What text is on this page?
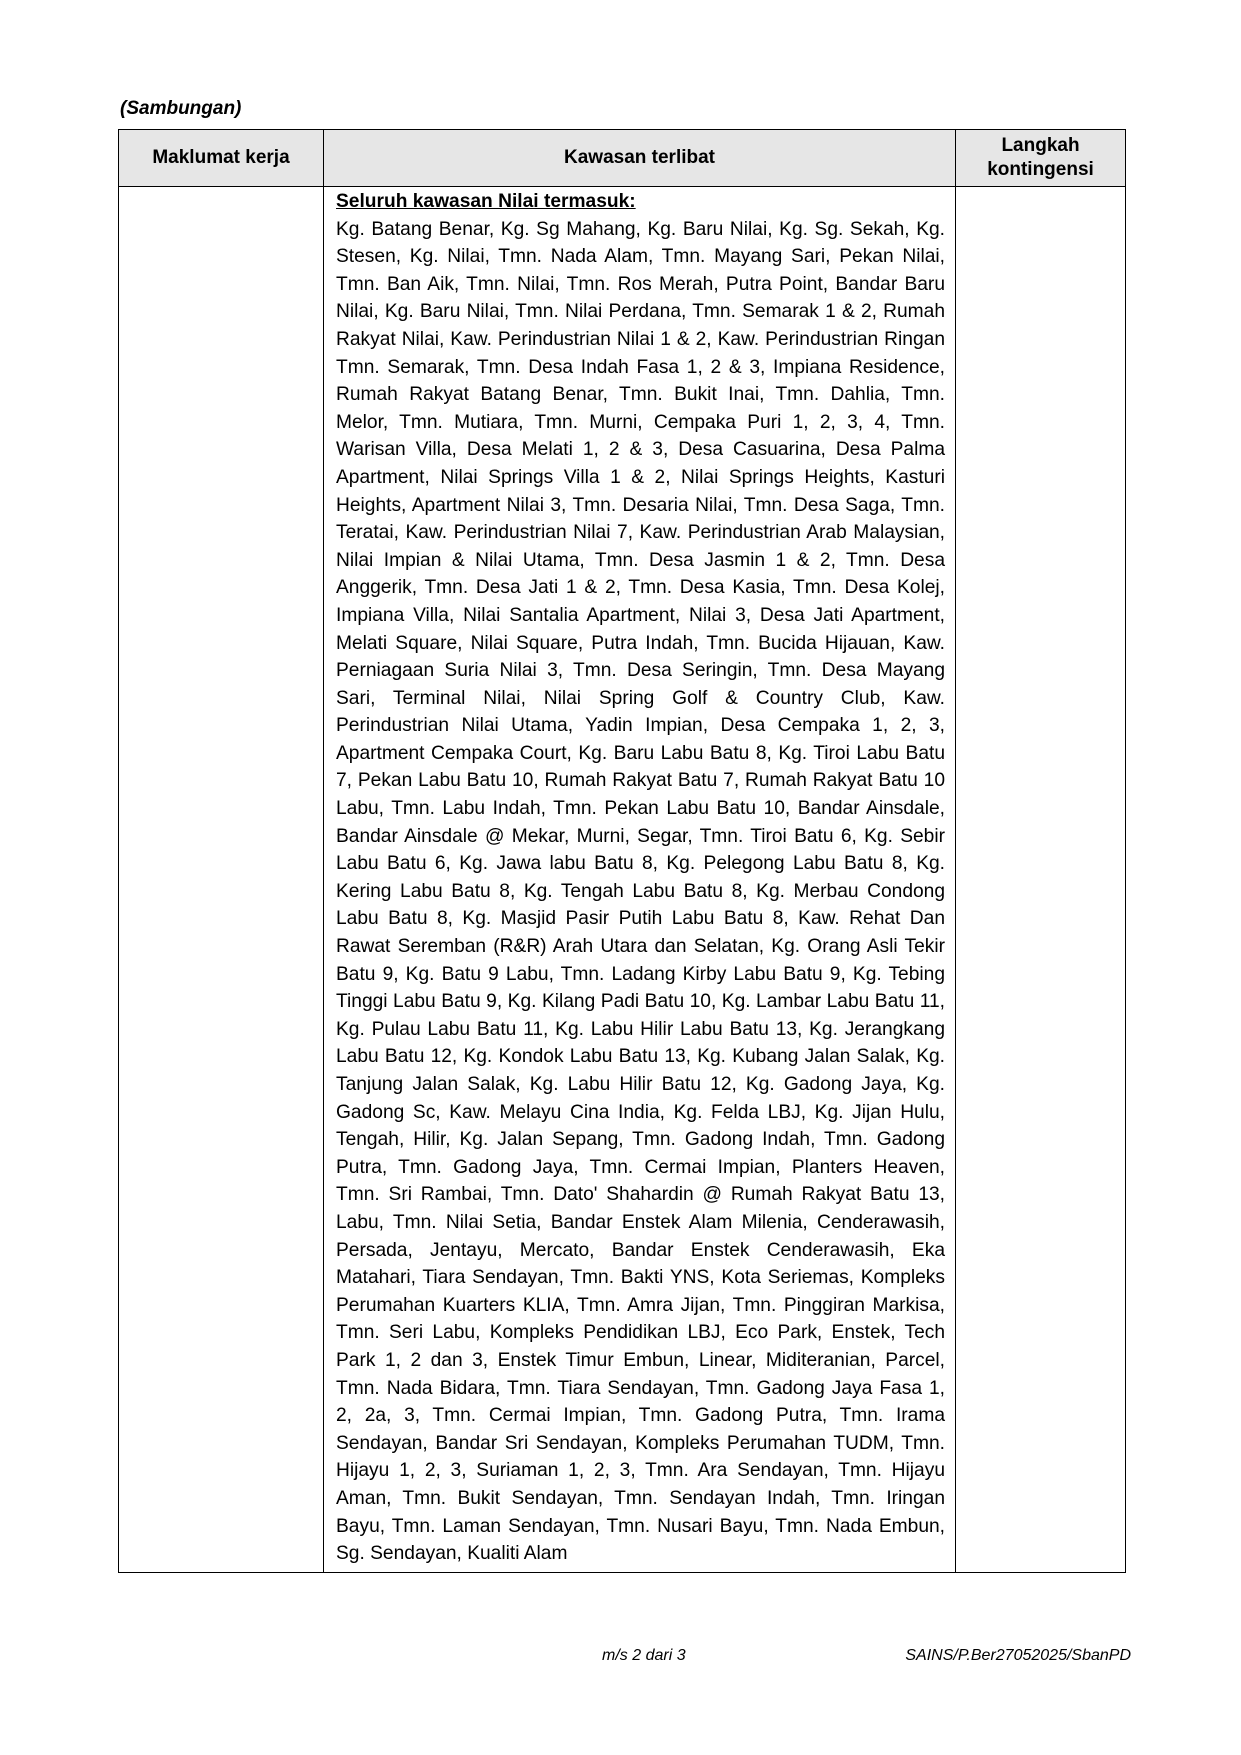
(Sambungan)
Maklumat kerja	Kawasan terlibat	Langkah kontingensi

	Seluruh kawasan Nilai termasuk:
Kg. Batang Benar, Kg. Sg Mahang, Kg. Baru Nilai, Kg. Sg. Sekah, Kg. Stesen, Kg. Nilai, Tmn. Nada Alam, Tmn. Mayang Sari, Pekan Nilai, Tmn. Ban Aik, Tmn. Nilai, Tmn. Ros Merah, Putra Point, Bandar Baru Nilai, Kg. Baru Nilai, Tmn. Nilai Perdana, Tmn. Semarak 1 & 2, Rumah Rakyat Nilai, Kaw. Perindustrian Nilai 1 & 2, Kaw. Perindustrian Ringan Tmn. Semarak, Tmn. Desa Indah Fasa 1, 2 & 3, Impiana Residence, Rumah Rakyat Batang Benar, Tmn. Bukit Inai, Tmn. Dahlia, Tmn. Melor, Tmn. Mutiara, Tmn. Murni, Cempaka Puri 1, 2, 3, 4, Tmn. Warisan Villa, Desa Melati 1, 2 & 3, Desa Casuarina, Desa Palma Apartment, Nilai Springs Villa 1 & 2, Nilai Springs Heights, Kasturi Heights, Apartment Nilai 3, Tmn. Desaria Nilai, Tmn. Desa Saga, Tmn. Teratai, Kaw. Perindustrian Nilai 7, Kaw. Perindustrian Arab Malaysian, Nilai Impian & Nilai Utama, Tmn. Desa Jasmin 1 & 2, Tmn. Desa Anggerik, Tmn. Desa Jati 1 & 2, Tmn. Desa Kasia, Tmn. Desa Kolej, Impiana Villa, Nilai Santalia Apartment, Nilai 3, Desa Jati Apartment, Melati Square, Nilai Square, Putra Indah, Tmn. Bucida Hijauan, Kaw. Perniagaan Suria Nilai 3, Tmn. Desa Seringin, Tmn. Desa Mayang Sari, Terminal Nilai, Nilai Spring Golf & Country Club, Kaw. Perindustrian Nilai Utama, Yadin Impian, Desa Cempaka 1, 2, 3, Apartment Cempaka Court, Kg. Baru Labu Batu 8, Kg. Tiroi Labu Batu 7, Pekan Labu Batu 10, Rumah Rakyat Batu 7, Rumah Rakyat Batu 10 Labu, Tmn. Labu Indah, Tmn. Pekan Labu Batu 10, Bandar Ainsdale, Bandar Ainsdale @ Mekar, Murni, Segar, Tmn. Tiroi Batu 6, Kg. Sebir Labu Batu 6, Kg. Jawa labu Batu 8, Kg. Pelegong Labu Batu 8, Kg. Kering Labu Batu 8, Kg. Tengah Labu Batu 8, Kg. Merbau Condong Labu Batu 8, Kg. Masjid Pasir Putih Labu Batu 8, Kaw. Rehat Dan Rawat Seremban (R&R) Arah Utara dan Selatan, Kg. Orang Asli Tekir Batu 9, Kg. Batu 9 Labu, Tmn. Ladang Kirby Labu Batu 9, Kg. Tebing Tinggi Labu Batu 9, Kg. Kilang Padi Batu 10, Kg. Lambar Labu Batu 11, Kg. Pulau Labu Batu 11, Kg. Labu Hilir Labu Batu 13, Kg. Jerangkang Labu Batu 12, Kg. Kondok Labu Batu 13, Kg. Kubang Jalan Salak, Kg. Tanjung Jalan Salak, Kg. Labu Hilir Batu 12, Kg. Gadong Jaya, Kg. Gadong Sc, Kaw. Melayu Cina India, Kg. Felda LBJ, Kg. Jijan Hulu, Tengah, Hilir, Kg. Jalan Sepang, Tmn. Gadong Indah, Tmn. Gadong Putra, Tmn. Gadong Jaya, Tmn. Cermai Impian, Planters Heaven, Tmn. Sri Rambai, Tmn. Dato' Shahardin @ Rumah Rakyat Batu 13, Labu, Tmn. Nilai Setia, Bandar Enstek Alam Milenia, Cenderawasih, Persada, Jentayu, Mercato, Bandar Enstek Cenderawasih, Eka Matahari, Tiara Sendayan, Tmn. Bakti YNS, Kota Seriemas, Kompleks Perumahan Kuarters KLIA, Tmn. Amra Jijan, Tmn. Pinggiran Markisa, Tmn. Seri Labu, Kompleks Pendidikan LBJ, Eco Park, Enstek, Tech Park 1, 2 dan 3, Enstek Timur Embun, Linear, Miditeranian, Parcel, Tmn. Nada Bidara, Tmn. Tiara Sendayan, Tmn. Gadong Jaya Fasa 1, 2, 2a, 3, Tmn. Cermai Impian, Tmn. Gadong Putra, Tmn. Irama Sendayan, Bandar Sri Sendayan, Kompleks Perumahan TUDM, Tmn. Hijayu 1, 2, 3, Suriaman 1, 2, 3, Tmn. Ara Sendayan, Tmn. Hijayu Aman, Tmn. Bukit Sendayan, Tmn. Sendayan Indah, Tmn. Iringan Bayu, Tmn. Laman Sendayan, Tmn. Nusari Bayu, Tmn. Nada Embun, Sg. Sendayan, Kualiti Alam	
m/s 2 dari 3	SAINS/P.Ber27052025/SbanPD
